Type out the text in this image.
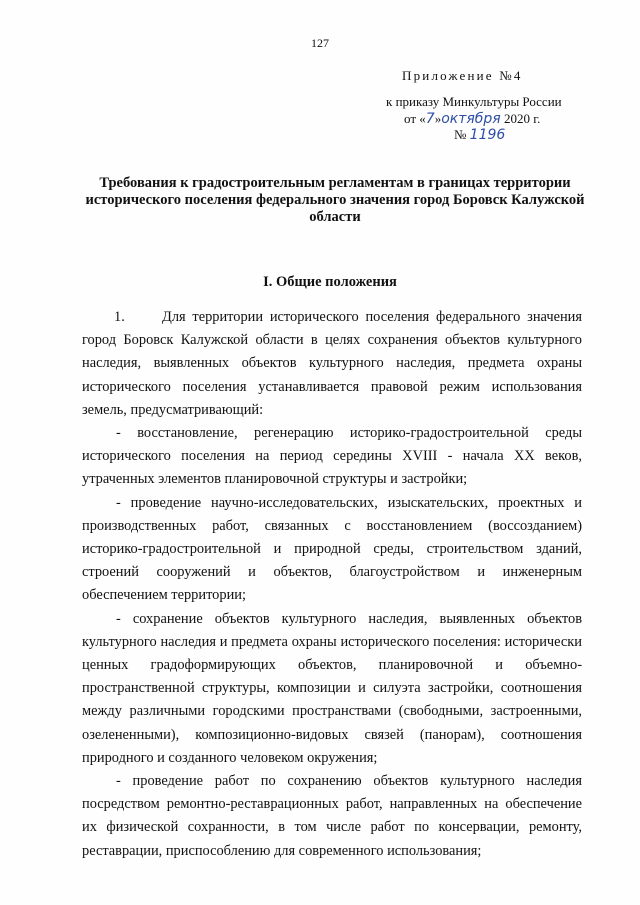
127
Приложение №4
к приказу Минкультуры России
от «7»октября 2020 г.
№ 1196
Требования к градостроительным регламентам в границах территории исторического поселения федерального значения город Боровск Калужской области
I. Общие положения

1.	Для территории исторического поселения федерального значения город Боровск Калужской области в целях сохранения объектов культурного наследия, выявленных объектов культурного наследия, предмета охраны исторического поселения устанавливается правовой режим использования земель, предусматривающий:

- восстановление, регенерацию историко-градостроительной среды исторического поселения на период середины XVIII - начала XX веков, утраченных элементов планировочной структуры и застройки;

- проведение научно-исследовательских, изыскательских, проектных и производственных работ, связанных с восстановлением (воссозданием) историко-градостроительной и природной среды, строительством зданий, строений сооружений и объектов, благоустройством и инженерным обеспечением территории;

- сохранение объектов культурного наследия, выявленных объектов культурного наследия и предмета охраны исторического поселения: исторически ценных градоформирующих объектов, планировочной и объемно-пространственной структуры, композиции и силуэта застройки, соотношения между различными городскими пространствами (свободными, застроенными, озелененными), композиционно-видовых связей (панорам), соотношения природного и созданного человеком окружения;

- проведение работ по сохранению объектов культурного наследия посредством ремонтно-реставрационных работ, направленных на обеспечение их физической сохранности, в том числе работ по консервации, ремонту, реставрации, приспособлению для современного использования;
